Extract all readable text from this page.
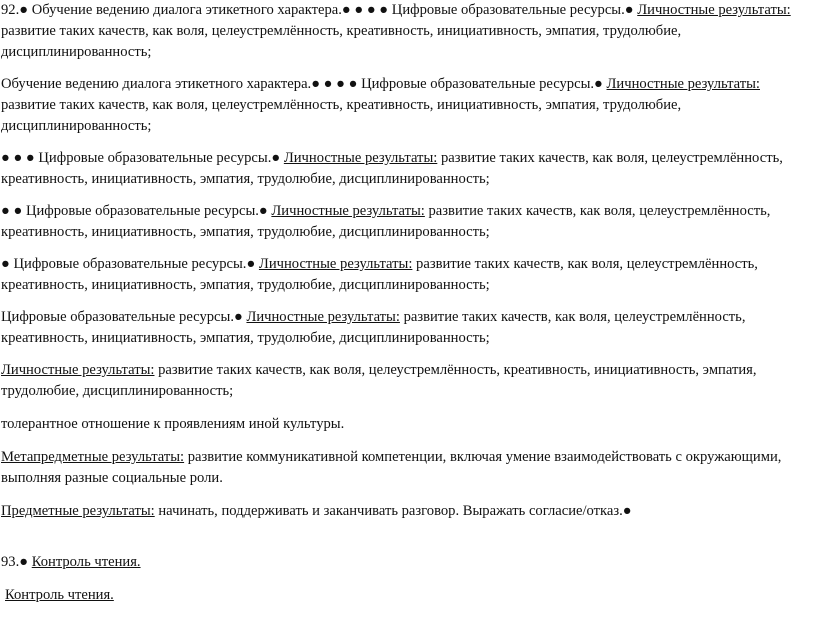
92.● Обучение ведению диалога этикетного характера.● ● ● ● Цифровые образовательные ресурсы.● Личностные результаты: развитие таких качеств, как воля, целеустремлённость, креативность, инициативность, эмпатия, трудолюбие, дисциплинированность;

Обучение ведению диалога этикетного характера.● ● ● ● Цифровые образовательные ресурсы.● Личностные результаты: развитие таких качеств, как воля, целеустремлённость, креативность, инициативность, эмпатия, трудолюбие, дисциплинированность;

● ● ● Цифровые образовательные ресурсы.● Личностные результаты: развитие таких качеств, как воля, целеустремлённость, креативность, инициативность, эмпатия, трудолюбие, дисциплинированность;

● ● Цифровые образовательные ресурсы.● Личностные результаты: развитие таких качеств, как воля, целеустремлённость, креативность, инициативность, эмпатия, трудолюбие, дисциплинированность;

● Цифровые образовательные ресурсы.● Личностные результаты: развитие таких качеств, как воля, целеустремлённость, креативность, инициативность, эмпатия, трудолюбие, дисциплинированность;

Цифровые образовательные ресурсы.● Личностные результаты: развитие таких качеств, как воля, целеустремлённость, креативность, инициативность, эмпатия, трудолюбие, дисциплинированность;

Личностные результаты: развитие таких качеств, как воля, целеустремлённость, креативность, инициативность, эмпатия, трудолюбие, дисциплинированность;

толерантное отношение к проявлениям иной культуры.

Метапредметные результаты: развитие коммуникативной компетенции, включая умение взаимодействовать с окружающими, выполняя разные социальные роли.

Предметные результаты: начинать, поддерживать и заканчивать разговор. Выражать согласие/отказ.●

93.● Контроль чтения.

Контроль чтения.
